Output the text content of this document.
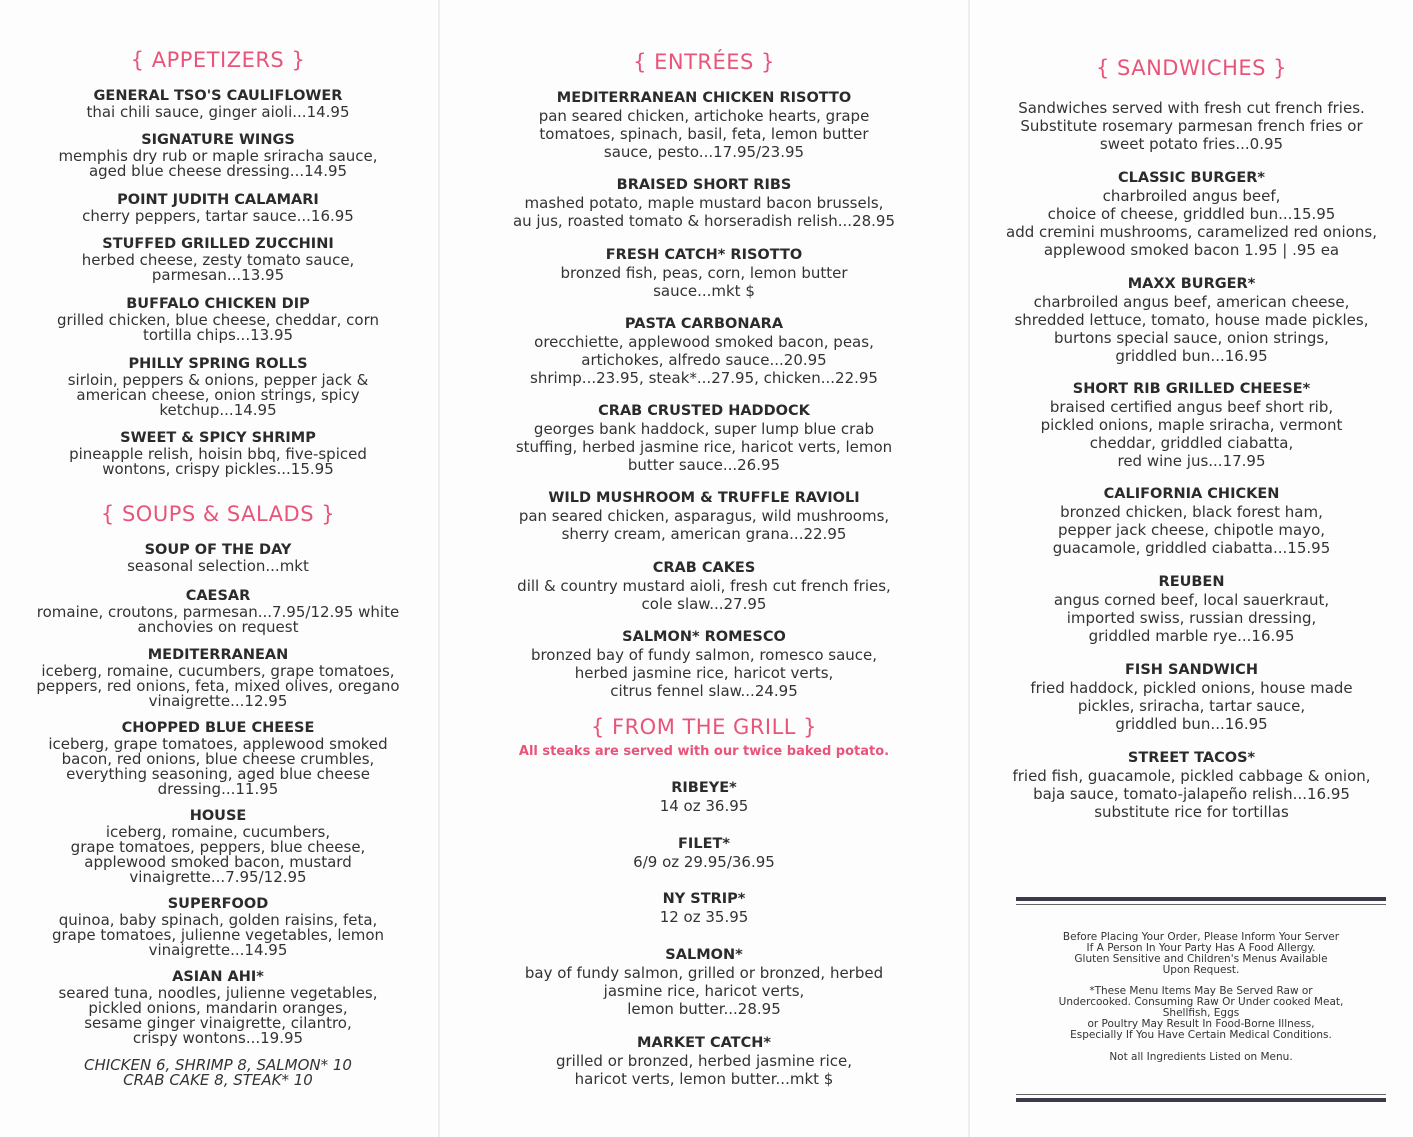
{ APPETIZERS }
GENERAL TSO'S CAULIFLOWER
thai chili sauce, ginger aioli...14.95
SIGNATURE WINGS
memphis dry rub or maple sriracha sauce,
aged blue cheese dressing...14.95
POINT JUDITH CALAMARI
cherry peppers, tartar sauce...16.95
STUFFED GRILLED ZUCCHINI
herbed cheese, zesty tomato sauce,
parmesan...13.95
BUFFALO CHICKEN DIP
grilled chicken, blue cheese, cheddar, corn
tortilla chips...13.95
PHILLY SPRING ROLLS
sirloin, peppers & onions, pepper jack &
american cheese, onion strings, spicy
ketchup...14.95
SWEET & SPICY SHRIMP
pineapple relish, hoisin bbq, five-spiced
wontons, crispy pickles...15.95
{ SOUPS & SALADS }
SOUP OF THE DAY
seasonal selection...mkt
CAESAR
romaine, croutons, parmesan...7.95/12.95 white
anchovies on request
MEDITERRANEAN
iceberg, romaine, cucumbers, grape tomatoes,
peppers, red onions, feta, mixed olives, oregano
vinaigrette...12.95
CHOPPED BLUE CHEESE
iceberg, grape tomatoes, applewood smoked
bacon, red onions, blue cheese crumbles,
everything seasoning, aged blue cheese
dressing...11.95
HOUSE
iceberg, romaine, cucumbers,
grape tomatoes, peppers, blue cheese,
applewood smoked bacon, mustard
vinaigrette...7.95/12.95
SUPERFOOD
quinoa, baby spinach, golden raisins, feta,
grape tomatoes, julienne vegetables, lemon
vinaigrette...14.95
ASIAN AHI*
seared tuna, noodles, julienne vegetables,
pickled onions, mandarin oranges,
sesame ginger vinaigrette, cilantro,
crispy wontons...19.95
CHICKEN 6, SHRIMP 8, SALMON* 10
CRAB CAKE 8, STEAK* 10
{ ENTRÉES }
MEDITERRANEAN CHICKEN RISOTTO
pan seared chicken, artichoke hearts, grape
tomatoes, spinach, basil, feta, lemon butter
sauce, pesto...17.95/23.95
BRAISED SHORT RIBS
mashed potato, maple mustard bacon brussels,
au jus, roasted tomato & horseradish relish...28.95
FRESH CATCH* RISOTTO
bronzed fish, peas, corn, lemon butter
sauce...mkt $
PASTA CARBONARA
orecchiette, applewood smoked bacon, peas,
artichokes, alfredo sauce...20.95
shrimp...23.95, steak*...27.95, chicken...22.95
CRAB CRUSTED HADDOCK
georges bank haddock, super lump blue crab
stuffing, herbed jasmine rice, haricot verts, lemon
butter sauce...26.95
WILD MUSHROOM & TRUFFLE RAVIOLI
pan seared chicken, asparagus, wild mushrooms,
sherry cream, american grana...22.95
CRAB CAKES
dill & country mustard aioli, fresh cut french fries,
cole slaw...27.95
SALMON* ROMESCO
bronzed bay of fundy salmon, romesco sauce,
herbed jasmine rice, haricot verts,
citrus fennel slaw...24.95
{ FROM THE GRILL }
All steaks are served with our twice baked potato.
RIBEYE*
14 oz 36.95
FILET*
6/9 oz 29.95/36.95
NY STRIP*
12 oz 35.95
SALMON*
bay of fundy salmon, grilled or bronzed, herbed
jasmine rice, haricot verts,
lemon butter...28.95
MARKET CATCH*
grilled or bronzed, herbed jasmine rice,
haricot verts, lemon butter...mkt $
{ SANDWICHES }
Sandwiches served with fresh cut french fries.
Substitute rosemary parmesan french fries or
sweet potato fries...0.95
CLASSIC BURGER*
charbroiled angus beef,
choice of cheese, griddled bun...15.95
add cremini mushrooms, caramelized red onions,
applewood smoked bacon 1.95 | .95 ea
MAXX BURGER*
charbroiled angus beef, american cheese,
shredded lettuce, tomato, house made pickles,
burtons special sauce, onion strings,
griddled bun...16.95
SHORT RIB GRILLED CHEESE*
braised certified angus beef short rib,
pickled onions, maple sriracha, vermont
cheddar, griddled ciabatta,
red wine jus...17.95
CALIFORNIA CHICKEN
bronzed chicken, black forest ham,
pepper jack cheese, chipotle mayo,
guacamole, griddled ciabatta...15.95
REUBEN
angus corned beef, local sauerkraut,
imported swiss, russian dressing,
griddled marble rye...16.95
FISH SANDWICH
fried haddock, pickled onions, house made
pickles, sriracha, tartar sauce,
griddled bun...16.95
STREET TACOS*
fried fish, guacamole, pickled cabbage & onion,
baja sauce, tomato-jalapeño relish...16.95
substitute rice for tortillas
Before Placing Your Order, Please Inform Your Server
If A Person In Your Party Has A Food Allergy.
Gluten Sensitive and Children's Menus Available
Upon Request.
*These Menu Items May Be Served Raw or
Undercooked. Consuming Raw Or Under cooked Meat,
Shellfish, Eggs
or Poultry May Result In Food-Borne Illness,
Especially If You Have Certain Medical Conditions.
Not all Ingredients Listed on Menu.
